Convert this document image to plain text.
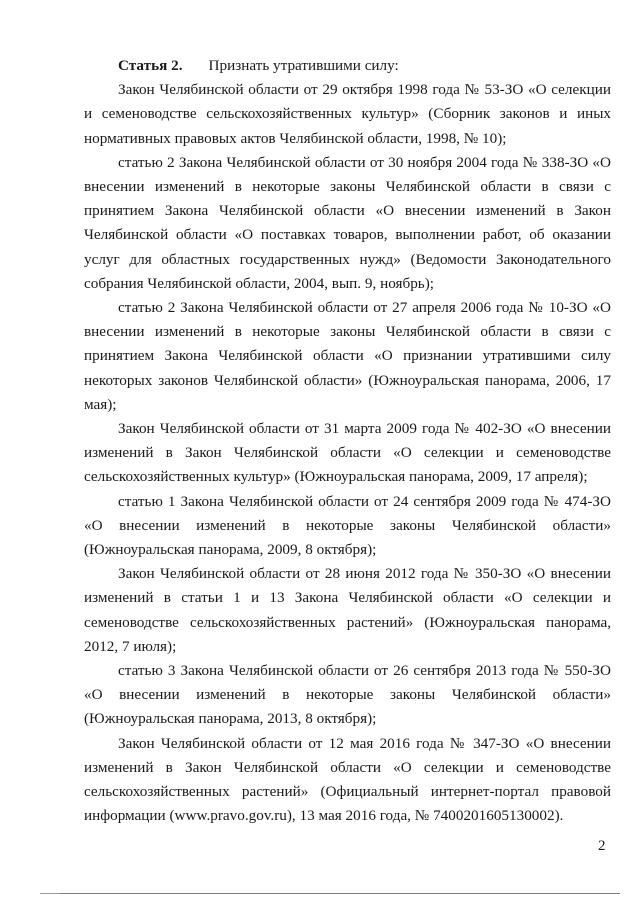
Статья 2. Признать утратившими силу:

Закон Челябинской области от 29 октября 1998 года № 53-ЗО «О селекции и семеноводстве сельскохозяйственных культур» (Сборник законов и иных нормативных правовых актов Челябинской области, 1998, № 10);

статью 2 Закона Челябинской области от 30 ноября 2004 года № 338-ЗО «О внесении изменений в некоторые законы Челябинской области в связи с принятием Закона Челябинской области «О внесении изменений в Закон Челябинской области «О поставках товаров, выполнении работ, об оказании услуг для областных государственных нужд» (Ведомости Законодательного собрания Челябинской области, 2004, вып. 9, ноябрь);

статью 2 Закона Челябинской области от 27 апреля 2006 года № 10-ЗО «О внесении изменений в некоторые законы Челябинской области в связи с принятием Закона Челябинской области «О признании утратившими силу некоторых законов Челябинской области» (Южноуральская панорама, 2006, 17 мая);

Закон Челябинской области от 31 марта 2009 года № 402-ЗО «О внесении изменений в Закон Челябинской области «О селекции и семеноводстве сельскохозяйственных культур» (Южноуральская панорама, 2009, 17 апреля);

статью 1 Закона Челябинской области от 24 сентября 2009 года № 474-ЗО «О внесении изменений в некоторые законы Челябинской области» (Южноуральская панорама, 2009, 8 октября);

Закон Челябинской области от 28 июня 2012 года № 350-ЗО «О внесении изменений в статьи 1 и 13 Закона Челябинской области «О селекции и семеноводстве сельскохозяйственных растений» (Южноуральская панорама, 2012, 7 июля);

статью 3 Закона Челябинской области от 26 сентября 2013 года № 550-ЗО «О внесении изменений в некоторые законы Челябинской области» (Южноуральская панорама, 2013, 8 октября);

Закон Челябинской области от 12 мая 2016 года № 347-ЗО «О внесении изменений в Закон Челябинской области «О селекции и семеноводстве сельскохозяйственных растений» (Официальный интернет-портал правовой информации (www.pravo.gov.ru), 13 мая 2016 года, № 7400201605130002).

2
